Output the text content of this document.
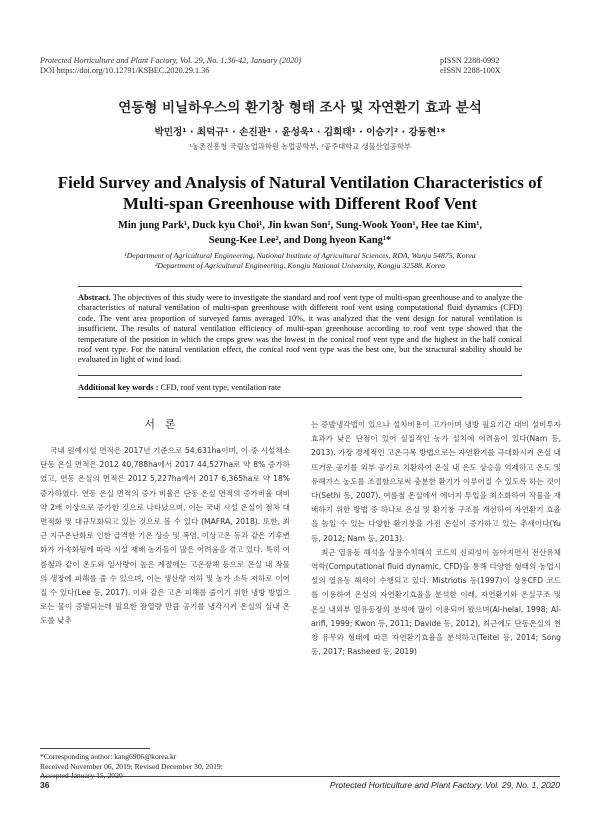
Protected Horticulture and Plant Factory, Vol. 29, No. 1:36-42, January (2020)
DOI https://doi.org/10.12791/KSBEC.2020.29.1.36
pISSN 2288-0992
eISSN 2288-100X
연동형 비닐하우스의 환기창 형태 조사 및 자연환기 효과 분석
박민정¹ · 최덕규¹ · 손진관¹ · 윤성욱¹ · 김희태¹ · 이승기² · 강동현¹*
¹농촌진흥청 국립농업과학원 농업공학부, ²공주대학교 생물산업공학부
Field Survey and Analysis of Natural Ventilation Characteristics of
Multi-span Greenhouse with Different Roof Vent
Min jung Park¹, Duck kyu Choi¹, Jin kwan Son¹, Sung-Wook Yoon¹, Hee tae Kim¹,
Seung-Kee Lee², and Dong hyeon Kang¹*
¹Department of Agricultural Engineering, National Institute of Agricultural Sciences, RDA, Wanju 54875, Korea
²Department of Agricultural Engineering, Kongju National University, Kongju 32588, Korea
Abstract. The objectives of this study were to investigate the standard and roof vent type of multi-span greenhouse and to analyze the characteristics of natural ventilation of multi-span greenhouse with different roof vent using computational fluid dynamics (CFD) code. The vent area proportion of surveyed farms averaged 10%, it was analyzed that the vent design for natural ventilation is insufficient. The results of natural ventilation efficiency of multi-span greenhouse according to roof vent type showed that the temperature of the position in which the crops grew was the lowest in the conical roof vent type and the highest in the half conical roof vent type. For the natural ventilation effect, the conical roof vent type was the best one, but the structural stability should be evaluated in light of wind load.
Additional key words : CFD, roof vent type, ventilation rate
서론

국내 원예시설 면적은 2017년 기준으로 54,631ha이며, 이 중 시설채소 단동 온실 면적은 2012 40,788ha에서 2017 44,527ha로 약 8% 증가하였고, 연동 온실의 면적은 2012 5,227ha에서 2017 6,365ha로 약 18% 증가하였다. 연동 온실 면적의 증가 비율은 단동 온실 면적의 증가비율 대비 약 2배 이상으로 증가한 것으로 나타났으며, 이는 국내 시설 온실이 점차 대면적화 및 대규모화되고 있는 것으로 볼 수 있다 (MAFRA, 2018). 또한, 최근 지구온난화로 인한 급격한 기온 상승 및 폭염, 이상고온 등과 같은 기후변화가 가속화됨에 따라 시설 재배 농가들이 많은 어려움을 겪고 있다. 특히 여름철과 같이 온도와 일사량이 높은 계절에는 고온장해 등으로 온실 내 작물의 생장에 피해를 줄 수 있으며, 이는 생산량 저하 및 농가 소득 저하로 이어질 수 있다(Lee 등, 2017). 이와 같은 고온 피해를 줄이기 위한 냉방 방법으로는 물이 증발되는데 필요한 잠열량 만큼 공기를 냉각시켜 온실의 실내 온도를 낮추

*Corresponding author: kang6906@korea.kr
Received November 06, 2019; Revised December 30, 2019;
Accepted January 15, 2020

는 증발냉각법이 있으나 설치비용이 고가이며 냉방 필요기간 대비 설비투자 효과가 낮은 단점이 있어 실질적인 농가 설치에 어려움이 있다(Nam 등, 2013). 가장 경제적인 고온극복 방법으로는 자연환기를 극대화시켜 온실 내 뜨거운 공기를 외부 공기로 치환하여 온실 내 온도 상승을 억제하고 온도 및 유해가스 농도를 조절함으로써 충분한 환기가 이루어질 수 있도록 하는 것이다(Sethi 등, 2007). 여름철 온실에서 에너지 투입을 최소화하여 작물을 재배하기 위한 방법 중 하나로 온실 및 환기창 구조를 개선하여 자연환기 효율을 높일 수 있는 다양한 환기창을 가진 온실이 증가하고 있는 추세이다(Yu 등, 2012; Nam 등, 2013).

최근 열유동 해석을 상용수치해석 코드의 신뢰성이 높아지면서 전산유체역학(Computational fluid dynamic, CFD)을 통해 다양한 형태의 농업시설의 열유동 해석이 수행되고 있다. Mistriotis 등(1997)이 상용CFD 코드를 이용하여 온실의 자연환기효율을 분석한 이래, 자연환기와 온실구조 및 온실 내외부 열유동장의 분석에 많이 이용되어 왔으며(Al-helal, 1998; Al-arifi, 1999; Kwon 등, 2011; Davide 등, 2012), 최근에도 단동온실의 천창 유무와 형태에 따른 자연환기효율을 분석하고(Teitel 등, 2014; Song 등, 2017; Rasheed 등, 2019)

36	Protected Horticulture and Plant Factory, Vol. 29, No. 1, 2020
